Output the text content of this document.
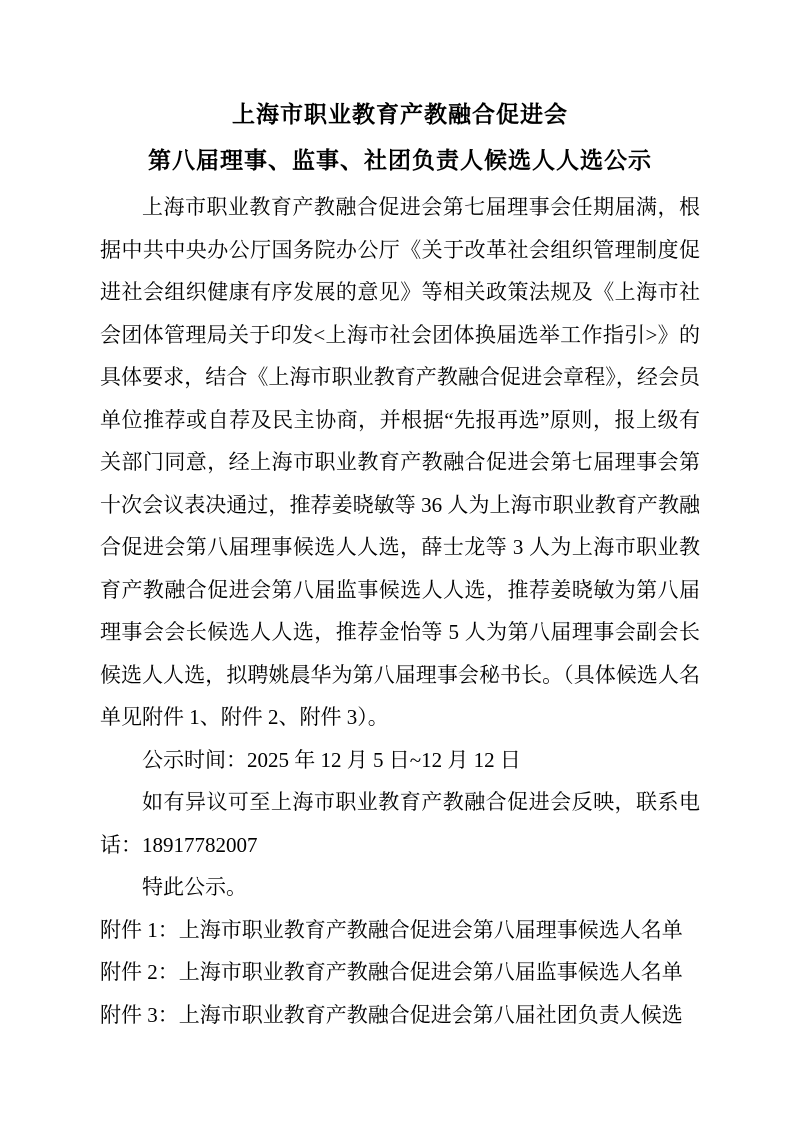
上海市职业教育产教融合促进会
第八届理事、监事、社团负责人候选人人选公示

上海市职业教育产教融合促进会第七届理事会任期届满，根据中共中央办公厅国务院办公厅《关于改革社会组织管理制度促进社会组织健康有序发展的意见》等相关政策法规及《上海市社会团体管理局关于印发<上海市社会团体换届选举工作指引>》的具体要求，结合《上海市职业教育产教融合促进会章程》，经会员单位推荐或自荐及民主协商，并根据“先报再选”原则，报上级有关部门同意，经上海市职业教育产教融合促进会第七届理事会第十次会议表决通过，推荐姜晓敏等 36 人为上海市职业教育产教融合促进会第八届理事候选人人选，薛士龙等 3 人为上海市职业教育产教融合促进会第八届监事候选人人选，推荐姜晓敏为第八届理事会会长候选人人选，推荐金怡等 5 人为第八届理事会副会长候选人人选，拟聘姚晨华为第八届理事会秘书长。（具体候选人名单见附件 1、附件 2、附件 3）。

公示时间：2025 年 12 月 5 日~12 月 12 日

如有异议可至上海市职业教育产教融合促进会反映，联系电话：18917782007

特此公示。

附件 1：上海市职业教育产教融合促进会第八届理事候选人名单

附件 2：上海市职业教育产教融合促进会第八届监事候选人名单

附件 3：上海市职业教育产教融合促进会第八届社团负责人候选
